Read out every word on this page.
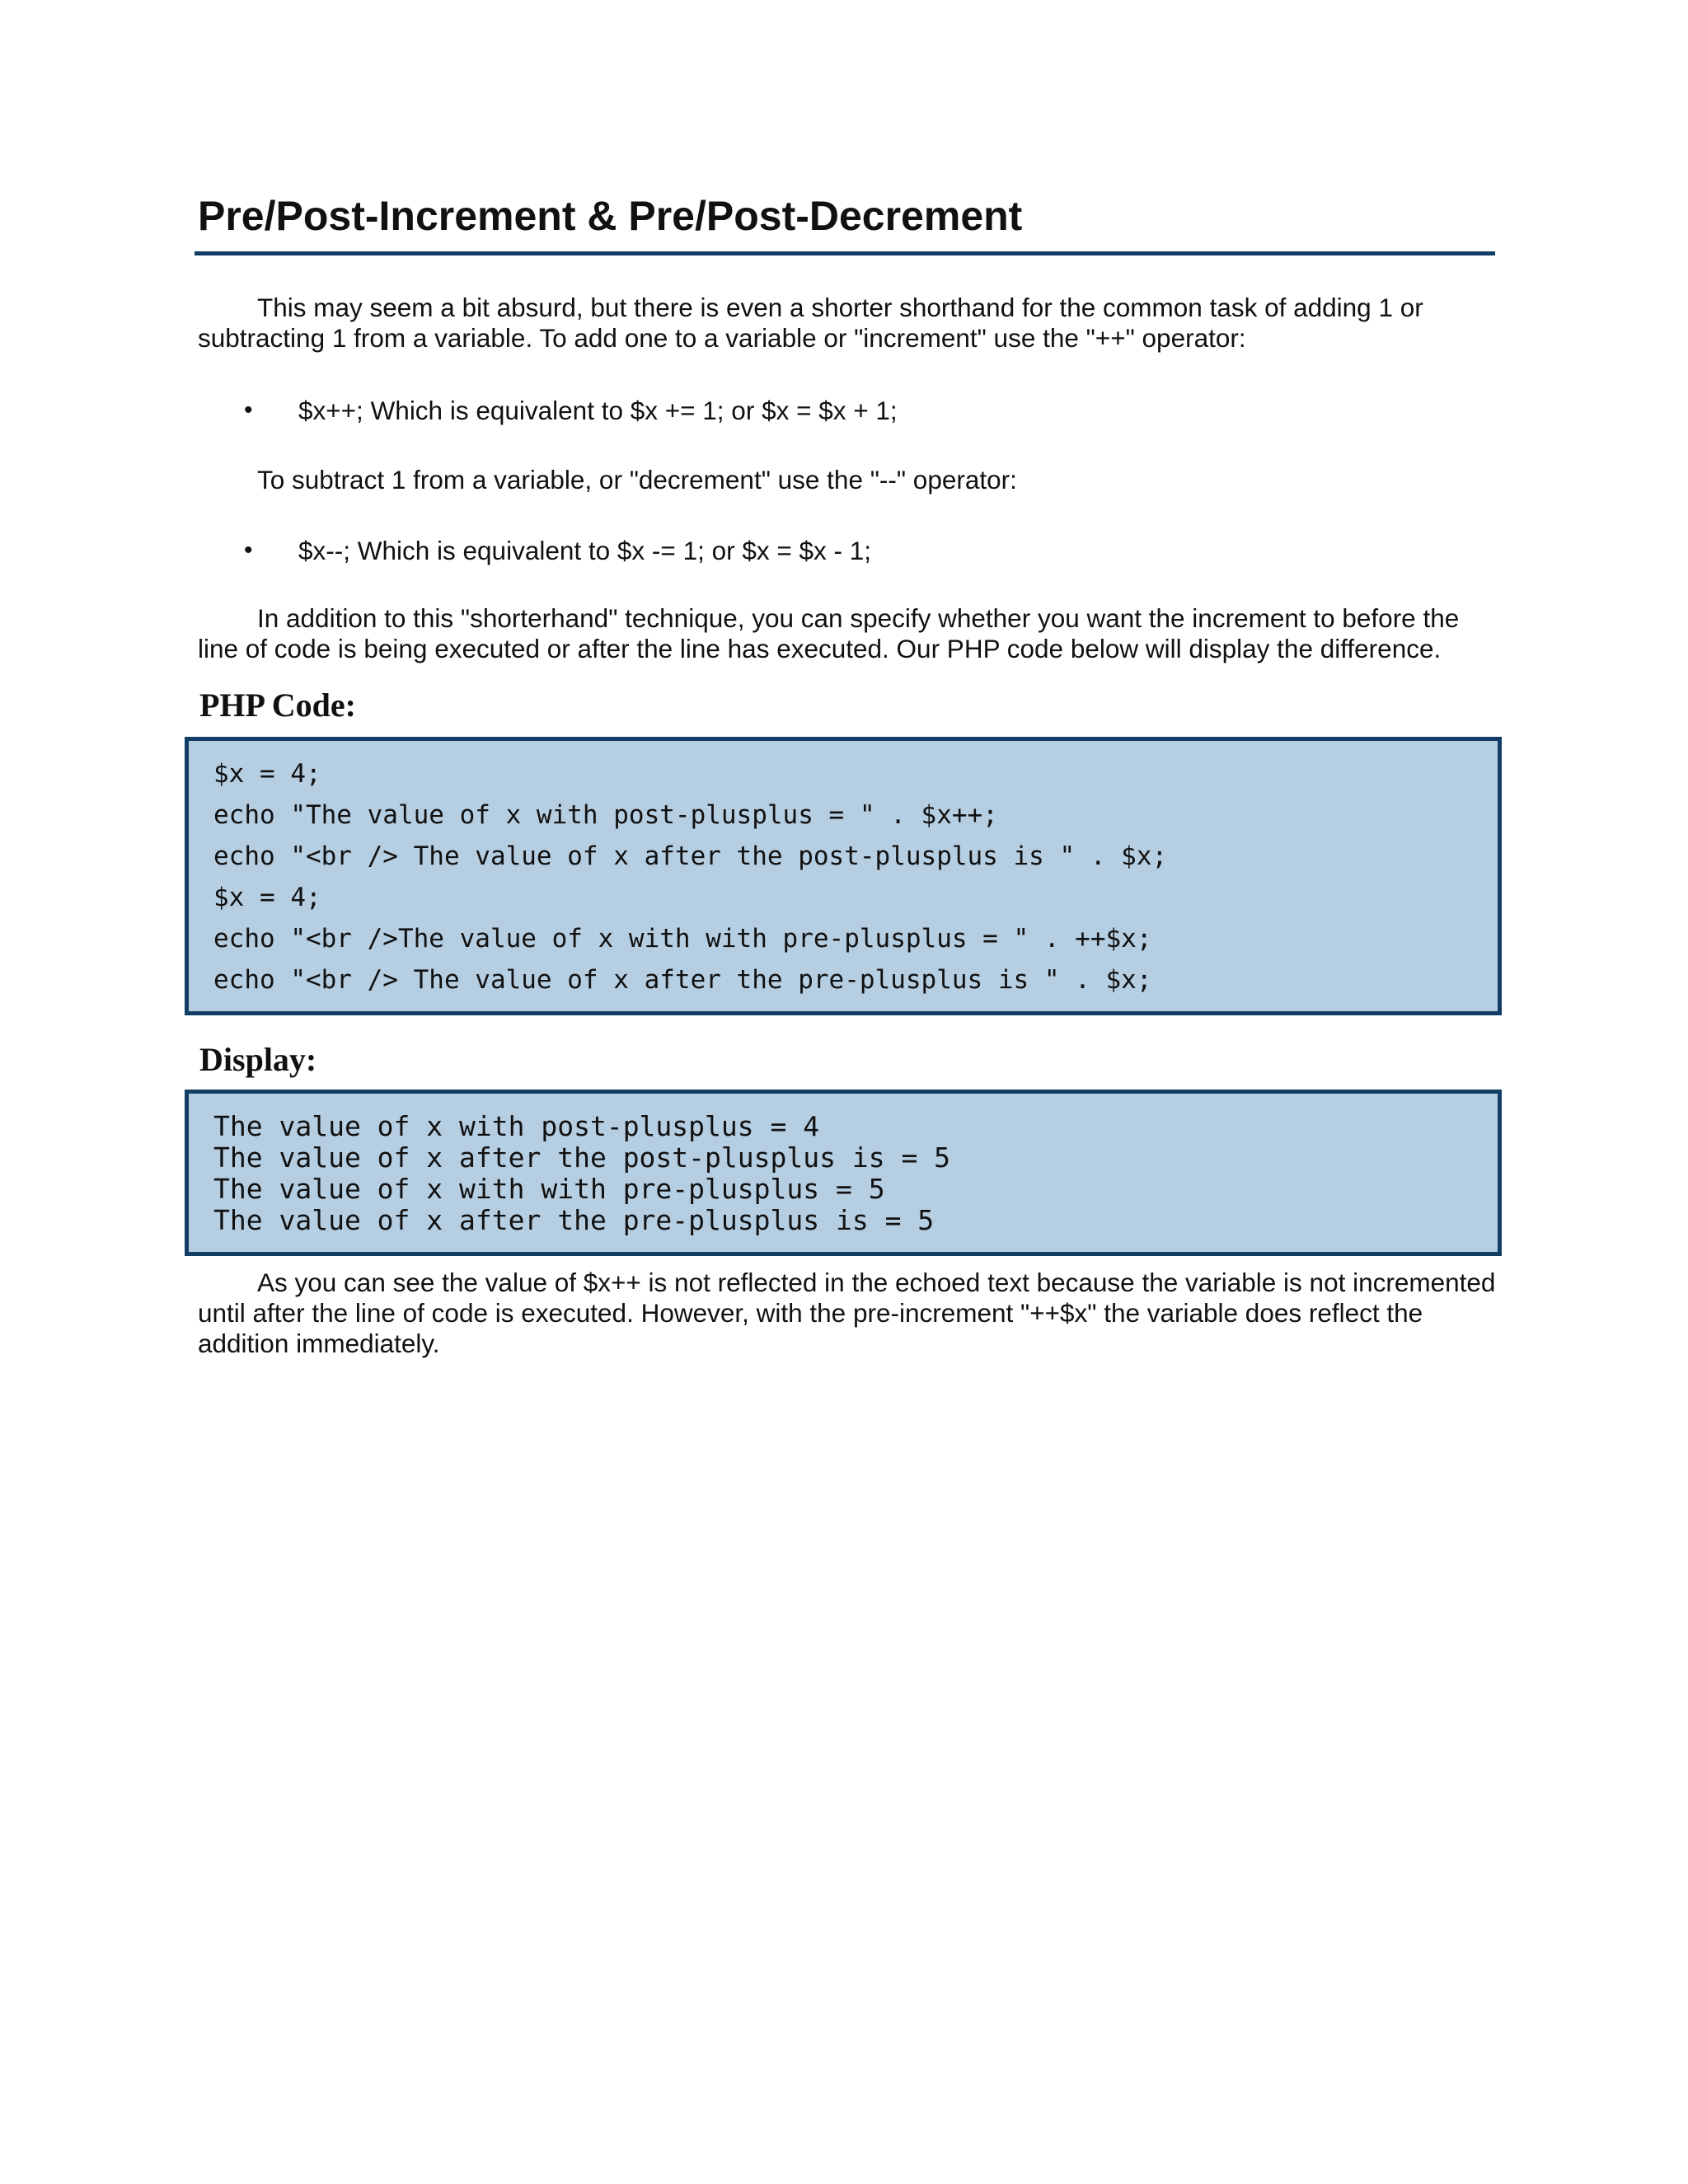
Pre/Post-Increment & Pre/Post-Decrement

This may seem a bit absurd, but there is even a shorter shorthand for the common task of adding 1 or subtracting 1 from a variable. To add one to a variable or "increment" use the "++" operator:

•	$x++; Which is equivalent to $x += 1; or $x = $x + 1;

To subtract 1 from a variable, or "decrement" use the "--" operator:

•	$x--; Which is equivalent to $x -= 1; or $x = $x - 1;

In addition to this "shorterhand" technique, you can specify whether you want the increment to before the line of code is being executed or after the line has executed. Our PHP code below will display the difference.

PHP Code:
$x = 4;
echo "The value of x with post-plusplus = " . $x++;
echo "<br /> The value of x after the post-plusplus is " . $x;
$x = 4;
echo "<br />The value of x with with pre-plusplus = " . ++$x;
echo "<br /> The value of x after the pre-plusplus is " . $x;
Display:
The value of x with post-plusplus = 4
The value of x after the post-plusplus is = 5
The value of x with with pre-plusplus = 5
The value of x after the pre-plusplus is = 5

As you can see the value of $x++ is not reflected in the echoed text because the variable is not incremented until after the line of code is executed. However, with the pre-increment "++$x" the variable does reflect the addition immediately.
